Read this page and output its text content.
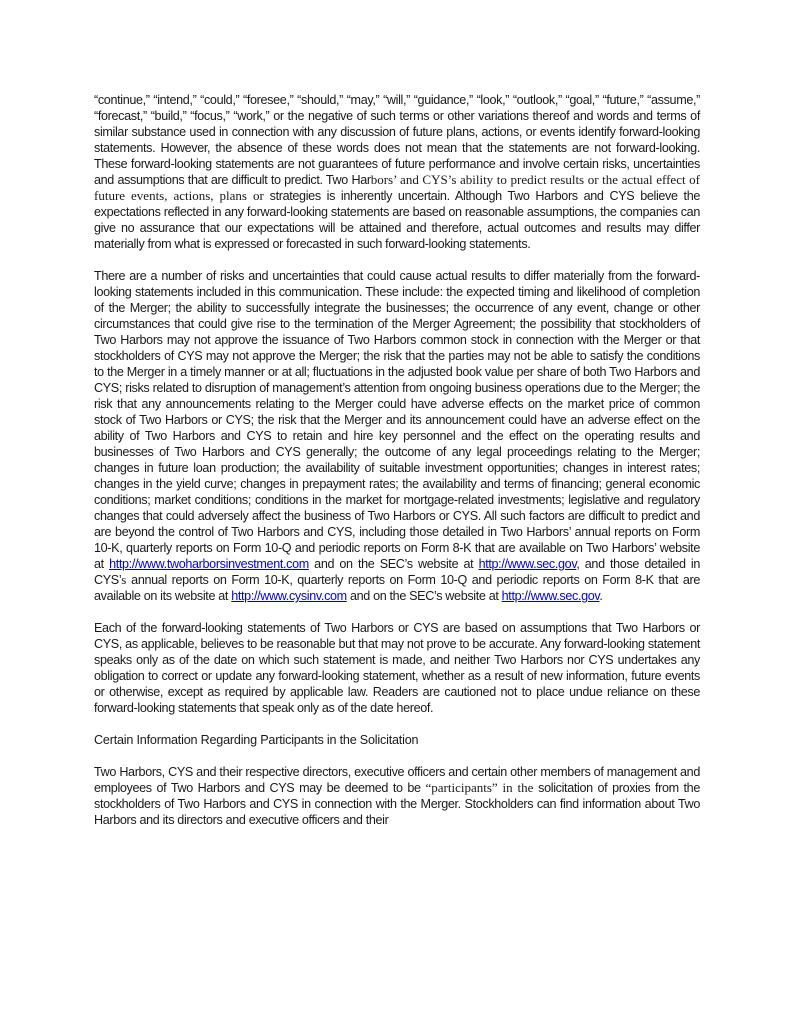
“continue,” “intend,” “could,” “foresee,” “should,” “may,” “will,” “guidance,” “look,” “outlook,” “goal,” “future,” “assume,” “forecast,” “build,” “focus,” “work,” or the negative of such terms or other variations thereof and words and terms of similar substance used in connection with any discussion of future plans, actions, or events identify forward-looking statements. However, the absence of these words does not mean that the statements are not forward-looking. These forward-looking statements are not guarantees of future performance and involve certain risks, uncertainties and assumptions that are difficult to predict. Two Harbors’ and CYS’s ability to predict results or the actual effect of future events, actions, plans or strategies is inherently uncertain. Although Two Harbors and CYS believe the expectations reflected in any forward-looking statements are based on reasonable assumptions, the companies can give no assurance that our expectations will be attained and therefore, actual outcomes and results may differ materially from what is expressed or forecasted in such forward-looking statements.

There are a number of risks and uncertainties that could cause actual results to differ materially from the forward-looking statements included in this communication. These include: the expected timing and likelihood of completion of the Merger; the ability to successfully integrate the businesses; the occurrence of any event, change or other circumstances that could give rise to the termination of the Merger Agreement; the possibility that stockholders of Two Harbors may not approve the issuance of Two Harbors common stock in connection with the Merger or that stockholders of CYS may not approve the Merger; the risk that the parties may not be able to satisfy the conditions to the Merger in a timely manner or at all; fluctuations in the adjusted book value per share of both Two Harbors and CYS; risks related to disruption of management’s attention from ongoing business operations due to the Merger; the risk that any announcements relating to the Merger could have adverse effects on the market price of common stock of Two Harbors or CYS; the risk that the Merger and its announcement could have an adverse effect on the ability of Two Harbors and CYS to retain and hire key personnel and the effect on the operating results and businesses of Two Harbors and CYS generally; the outcome of any legal proceedings relating to the Merger; changes in future loan production; the availability of suitable investment opportunities; changes in interest rates; changes in the yield curve; changes in prepayment rates; the availability and terms of financing; general economic conditions; market conditions; conditions in the market for mortgage-related investments; legislative and regulatory changes that could adversely affect the business of Two Harbors or CYS. All such factors are difficult to predict and are beyond the control of Two Harbors and CYS, including those detailed in Two Harbors’ annual reports on Form 10-K, quarterly reports on Form 10-Q and periodic reports on Form 8-K that are available on Two Harbors’ website at http://www.twoharborsinvestment.com and on the SEC’s website at http://www.sec.gov, and those detailed in CYS’s annual reports on Form 10-K, quarterly reports on Form 10-Q and periodic reports on Form 8-K that are available on its website at http://www.cysinv.com and on the SEC’s website at http://www.sec.gov.

Each of the forward-looking statements of Two Harbors or CYS are based on assumptions that Two Harbors or CYS, as applicable, believes to be reasonable but that may not prove to be accurate. Any forward-looking statement speaks only as of the date on which such statement is made, and neither Two Harbors nor CYS undertakes any obligation to correct or update any forward-looking statement, whether as a result of new information, future events or otherwise, except as required by applicable law. Readers are cautioned not to place undue reliance on these forward-looking statements that speak only as of the date hereof.

Certain Information Regarding Participants in the Solicitation

Two Harbors, CYS and their respective directors, executive officers and certain other members of management and employees of Two Harbors and CYS may be deemed to be “participants” in the solicitation of proxies from the stockholders of Two Harbors and CYS in connection with the Merger. Stockholders can find information about Two Harbors and its directors and executive officers and their
